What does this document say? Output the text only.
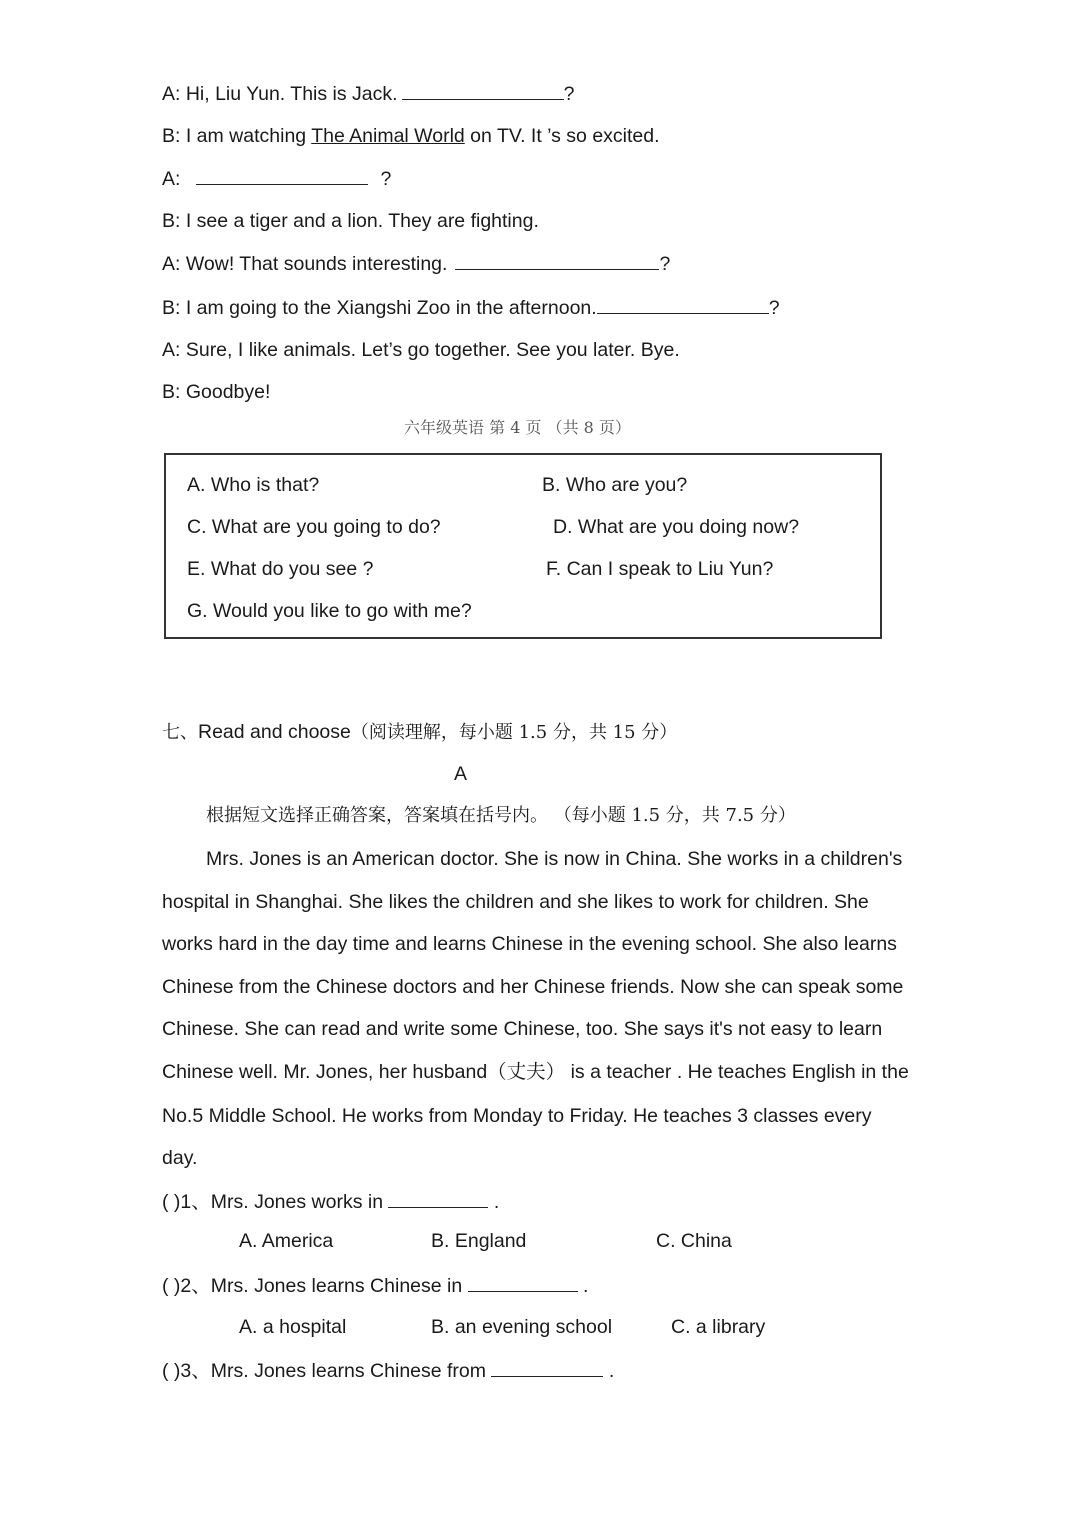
A: Hi, Liu Yun. This is Jack.	?
B: I am watching The Animal World on TV. It ’s so excited.
A:	?
B: I see a tiger and a lion. They are fighting.
A: Wow! That sounds interesting.	?
B: I am going to the Xiangshi Zoo in the afternoon.	?
A: Sure, I like animals. Let’s go together. See you later. Bye.
B: Goodbye!
六年级英语 第 4 页 （共 8 页）
A. Who is that?	B. Who are you?
C. What are you going to do?	D. What are you doing now?
E. What do you see ?	F. Can I speak to Liu Yun?
G. Would you like to go with me?
七、Read and choose（阅读理解，每小题 1.5 分，共 15 分）
A
根据短文选择正确答案，答案填在括号内。 （每小题 1.5 分，共 7.5 分）
Mrs. Jones is an American doctor. She is now in China. She works in a children's
hospital in Shanghai. She likes the children and she likes to work for children. She
works hard in the day time and learns Chinese in the evening school. She also learns
Chinese from the Chinese doctors and her Chinese friends. Now she can speak some
Chinese. She can read and write some Chinese, too. She says it's not easy to learn
Chinese well. Mr. Jones, her husband（丈夫） is a teacher . He teaches English in the
No.5 Middle School. He works from Monday to Friday. He teaches 3 classes every
day.
( )1、Mrs. Jones works in	.
A. America	B. England	C. China
( )2、Mrs. Jones learns Chinese in	.
A. a hospital	B. an evening school	C. a library
( )3、Mrs. Jones learns Chinese from	.
